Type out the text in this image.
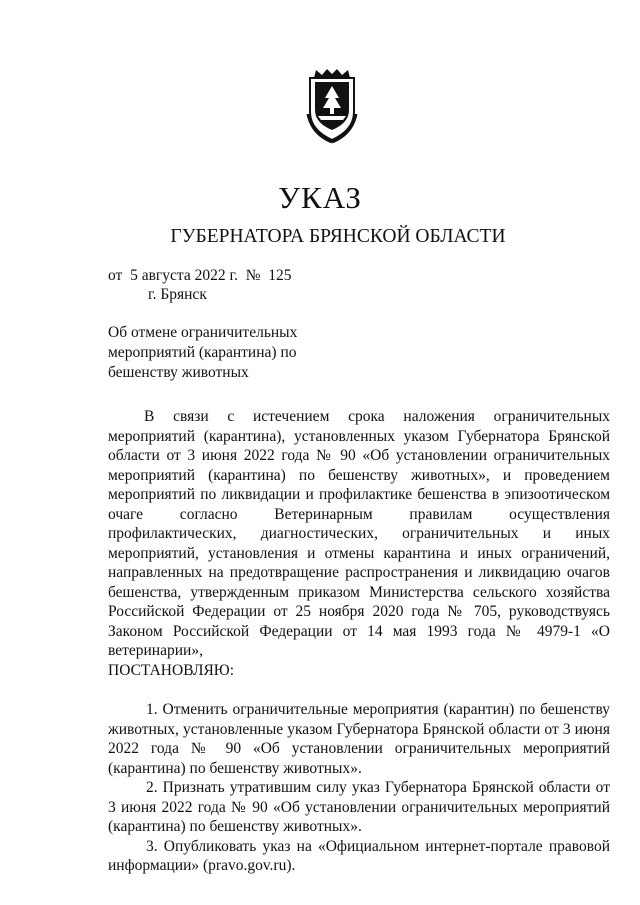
УКАЗ
ГУБЕРНАТОРА БРЯНСКОЙ ОБЛАСТИ
от  5 августа 2022 г.  №  125
г. Брянск
Об отмене ограничительных мероприятий (карантина) по бешенству животных

В связи с истечением срока наложения ограничительных мероприятий (карантина), установленных указом Губернатора Брянской области от 3 июня 2022 года № 90 «Об установлении ограничительных мероприятий (карантина) по бешенству животных», и проведением мероприятий по ликвидации и профилактике бешенства в эпизоотическом очаге согласно Ветеринарным правилам осуществления профилактических, диагностических, ограничительных и иных мероприятий, установления и отмены карантина и иных ограничений, направленных на предотвращение распространения и ликвидацию очагов бешенства, утвержденным приказом Министерства сельского хозяйства Российской Федерации от 25 ноября 2020 года № 705, руководствуясь Законом Российской Федерации от 14 мая 1993 года № 4979-1 «О ветеринарии»,

ПОСТАНОВЛЯЮ:

1. Отменить ограничительные мероприятия (карантин) по бешенству животных, установленные указом Губернатора Брянской области от 3 июня 2022 года № 90 «Об установлении ограничительных мероприятий (карантина) по бешенству животных».

2. Признать утратившим силу указ Губернатора Брянской области от 3 июня 2022 года № 90 «Об установлении ограничительных мероприятий (карантина) по бешенству животных».

3. Опубликовать указ на «Официальном интернет-портале правовой информации» (pravo.gov.ru).
